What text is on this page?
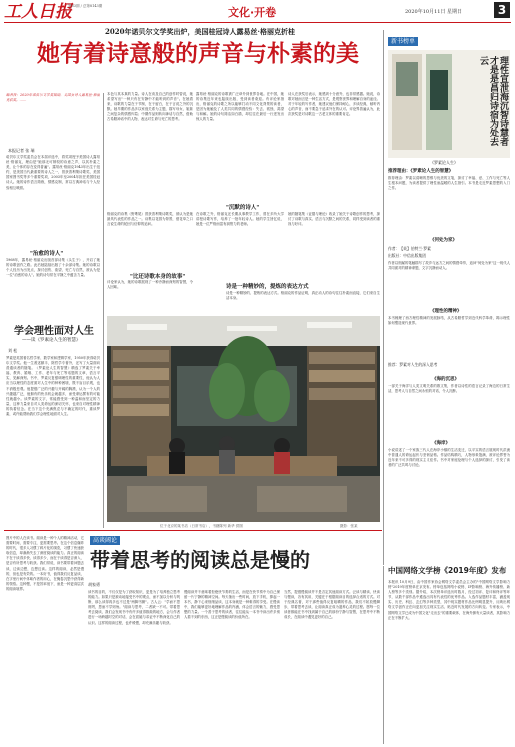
工人日报
第83期 / 总第8143期	文化·开卷	2020年10月11日 星期日	3
2020年诺贝尔文学奖出炉，美国桂冠诗人露易丝·格丽克折桂
她有着诗意般的声音与朴素的美
编者按：2020年诺贝尔文学奖揭晓，美国女诗人露易丝·格丽克获奖。……
本报记者 张 瑞
诺贝尔文学奖委员会在本届评选中，将奖项授予美国诗人露易丝·格丽克，理由是"她那无可辩驳的诗意之声，以其朴素之美，让个体的存在变得普遍"。露易丝·格丽克1943年出生于纽约，是美国当代最重要的诗人之一，曾获普利策诗歌奖、美国国家图书奖等多个重要奖项，2003年至2004年担任美国桂冠诗人。她的诗作语言简练，情感克制，常以古典神话与个人经验相互映照。
"治愈的诗人"
1968年，露易丝·格丽克出版首部诗集《头生子》，开启了她的诗歌创作之路。此后她陆续出版了十余部诗集。她的诗歌以个人经历为出发点，探讨创伤、欲望、死亡与自然，被认为是一位"治愈的诗人"。她的诗句常在平静之中蕴含力量。
学会理性面对人生
——读《罗素论人生的智慧》
刘 松
罗素是英国著名哲学家、数学家和逻辑学家，1950年获得诺贝尔文学奖。他一生著述颇丰，除哲学专著外，还写了大量面向普通读者的随笔。《罗素论人生的智慧》精选了罗素关于幸福、教育、婚姻、工作、老年与死亡等话题的文章，语言平实，见解深刻。书中，罗素反复强调理性的重要性，他认为人应当以理性的态度面对人生中的种种困境，既不盲目乐观，也不消极悲观。他提倡广泛的兴趣与开阔的胸襟，认为一个人的兴趣越广泛，他拥有的快乐机会就越多，而受命运摆布的可能性就越小。读罗素的文字，常能感受到一种温和而坚定的力量，这种力量来自对人类命运的深切关怀，也来自对理性精神的执着信念。在当下这个充满焦虑与不确定的时代，重读罗素，或许能帮助我们学会理性地面对人生。
本色与其本真的力量。诗人在谈及自己的创作时曾说，她希望写出"一种只有在安静中才能听到的声音"。在她看来，诗歌的力量在于节制，在于留白，在于言说之外的沉默。她早期的作品多以家庭关系为主题，描写母女、姐妹之间复杂的情感纠葛；中期作品则转向神话与自然，借助古希腊神话中的人物，表达对生命与死亡的思考。
露易丝·格丽克的诗歌被广泛译介到世界各地。在中国，她的诗集近年来也陆续出版，受到读者欢迎。有评论家指出，格丽克的诗歌之所以能够打动不同文化背景的读者，是因为她触及了人类共同的情感经验：失去、孤独、渴望与和解。她的诗句简洁如白描，却往往在最后一行迸发出惊人的力量。
诗人在获奖后表示，她感到十分意外，也非常感激。她说，诗歌对她而言是一种生活方式，是观察世界和理解自身的途径。对于年轻的写作者，她建议他们保持耐心，多读经典，倾听内心的声音，而不要急于追求外在的认可。评论界普遍认为，此次获奖是对诗歌这一古老文体的重要肯定。
"沉默的诗人"
"比还诗歌本身的故事"
诗是一种精妙的，提炼的表达方式
格丽克的诗集《野鸢尾》曾获普利策诗歌奖，被认为是她最具代表性的作品之一。诗集以花园为背景，借花草之口言说生命的轮回与信仰的追问。
在诗歌之外，格丽克还长期从事教学工作，曾在多所大学讲授诗歌写作，培养了一批年轻诗人。她的学生回忆说，她是一位严格而富有洞察力的老师。
她的随笔集《证据与理论》收录了她关于诗歌创作的思考，探讨了诗歌与真实、语言与沉默之间的关系，同样受到读者的重视与好评。
评论家认为，她的诗歌展现了一种冷静而深刻的智慧，令人回味。
诗是一种精妙的、提炼的表达方式。格丽克的作品证明，真正动人的诗句往往朴素而直接，它们来自生活本身。
位于北京的某书店（日常书店），书籍陈列 新华 供图	摄影：张某
新书榜单
理性宣泄海沉智诗慧者才是是昌归诗宿为处去云
《罗素论人生》
推荐理由：《罗素论人生的智慧》
推荐理由：罗素以清晰的思维与优美的文笔，探讨了幸福、爱、工作与死亡等人生根本问题，为读者提供了理性而温暖的人生指引。本书是走近罗素思想的入门之作。
《何处为家》
作者：【英】伯特兰·罗素
出版社：中信出版集团
作者以细腻的笔触描写了故乡与远方之间的情感牵绊，追问"何处为家"这一现代人共同面对的精神命题，文字沉静而动人。
《理性的精神》
本书梳理了西方理性精神的发展脉络，从古希腊哲学到近代科学革命，揭示理性如何塑造现代世界。
推荐：罗素对人生的深入思考
《海的沉思》
一部关于海洋与人类文明关系的散文集，作者以诗性的语言记录了海边的日常生活，思考人与自然之间永恒的对话，令人沉醉。
《海岸》
小说讲述了一个家族三代人在海岸小镇的生活变迁，以平实的语言展现时代洪流中普通人的命运起伏与坚韧品格。作品结构精巧，人物形象饱满，被评论界誉为近年来不可多得的现实主义佳作。书中对家庭伦理与个人选择的探讨，引发了读者的广泛共鸣与讨论。
高谈阔论
带着思考的阅读总是慢的
胡家勇
图片中的人在读书。阅读是一种个人的精神活动，它需要时间，需要专注，更需要思考。在这个信息爆炸的时代，很多人习惯了碎片化的浏览，习惯了快速获取信息，却渐渐失去了深度阅读的能力。真正的阅读不在于读得多快、读得多少，而在于读得是否深入、是否有所思考与收获。我们常说，读书要带着问题去读，边读边想，边想边读。这样的阅读，必然是慢的，但也是有效的。一本好书，值得我们反复品读，在字里行间中体味作者的用心，在掩卷沉思中获得新的领悟。这种慢，不是效率低下，而是一种更高层次的阅读境界。
读书的目的，不仅仅是为了获取知识，更是为了培养独立思考的能力。如果只是被动地接受书中的观点，而不加以分析与判断，那么读得再多也不过是"两脚书橱"。古人云："学而不思则罔，思而不学则殆。"阅读与思考，二者缺一不可。带着思考去阅读，我们会发现书中有许多值得推敲的地方，会与作者进行一场跨越时空的对话，会在质疑与求证中不断深化自己的认识。这样的阅读过程，也许缓慢，却充满乐趣与收获。
慢阅读并不意味着拒绝快节奏的生活，而是在快节奏中为自己保留一片宁静的精神空间。每天抽出一些时间，放下手机，捧起一本书，静下心来细细品读，这本身就是一种难得的享受。在慢读中，我们能够更好地理解作品的内涵，体会语言的魅力，感受思想的力量。一个善于思考的读者，往往能从一本书中读出许多别人看不到的东西，这正是慢阅读的价值所在。
当然，提倡慢阅读并不是否定其他阅读方式。泛读与精读、快读与慢读，各有其用，关键在于根据阅读目的选择合适的方式。对于经典名著，对于那些值得反复咀嚼的作品，我们不妨放慢脚步，带着思考去读，让阅读真正成为滋养心灵的过程。愿每一位读者都能在书中找到属于自己的那份宁静与智慧，在思考中不断成长，在阅读中遇见更好的自己。
中国网络文学榜《2019年度》发布
本报讯 10月9日，由中国作家协会网络文学委员会主办的"中国网络文学影响力榜"2019年度榜单在京发布。榜单包括网络小说榜、IP影响榜、海外传播榜、新人榜等多个类别。据介绍，本次榜单评选历时数月，经过初评、复评和终评等环节，从数千部作品中遴选出具有代表性的优秀作品。入选作品题材丰富，涵盖现实、历史、科幻、玄幻等多种类型，其中现实题材作品比例明显提升，反映出网络文学创作正在向更加关注现实生活、贴近时代发展的方向转变。专家表示，中国网络文学已成为中国文化"走出去"的重要载体，在海外拥有大量读者，其影响力正在不断扩大。
